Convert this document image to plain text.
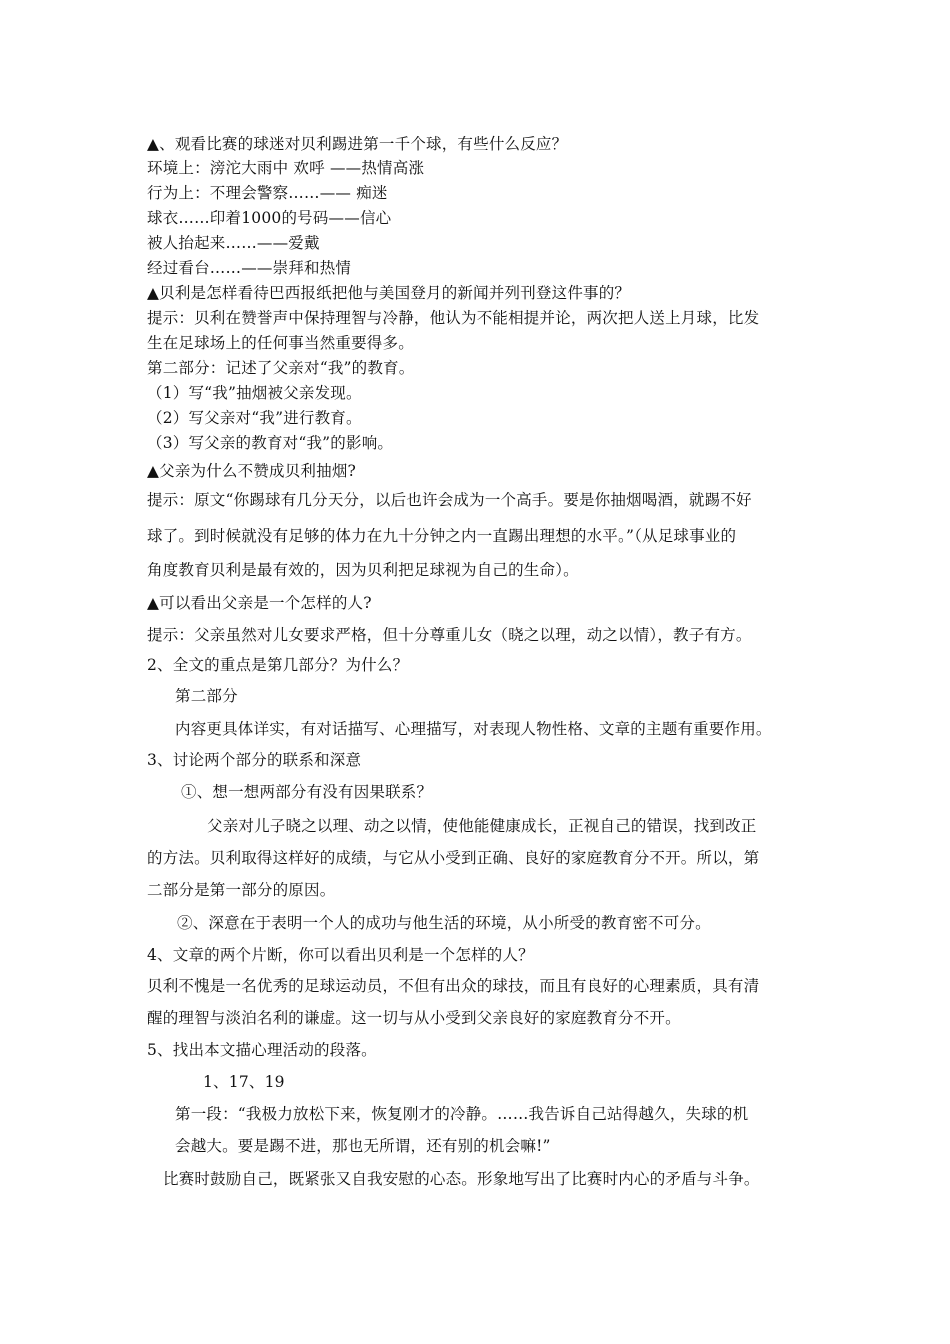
▲、观看比赛的球迷对贝利踢进第一千个球，有些什么反应？
环境上：滂沱大雨中 欢呼 ——热情高涨
行为上：不理会警察……—— 痴迷
球衣……印着1000的号码——信心
被人抬起来……——爱戴
经过看台……——崇拜和热情
▲贝利是怎样看待巴西报纸把他与美国登月的新闻并列刊登这件事的？
提示：贝利在赞誉声中保持理智与冷静，他认为不能相提并论，两次把人送上月球，比发
生在足球场上的任何事当然重要得多。
第二部分：记述了父亲对“我”的教育。
（1）写“我”抽烟被父亲发现。
（2）写父亲对“我”进行教育。
（3）写父亲的教育对“我”的影响。
▲父亲为什么不赞成贝利抽烟?
提示：原文“你踢球有几分天分，以后也许会成为一个高手。要是你抽烟喝酒，就踢不好
球了。到时候就没有足够的体力在九十分钟之内一直踢出理想的水平。”（从足球事业的
角度教育贝利是最有效的，因为贝利把足球视为自己的生命）。
▲可以看出父亲是一个怎样的人?
提示：父亲虽然对儿女要求严格，但十分尊重儿女（晓之以理，动之以情），教子有方。
2、全文的重点是第几部分？为什么？
第二部分
内容更具体详实，有对话描写、心理描写，对表现人物性格、文章的主题有重要作用。
3、讨论两个部分的联系和深意
①、想一想两部分有没有因果联系？
父亲对儿子晓之以理、动之以情，使他能健康成长，正视自己的错误，找到改正
的方法。贝利取得这样好的成绩，与它从小受到正确、良好的家庭教育分不开。所以，第
二部分是第一部分的原因。
②、深意在于表明一个人的成功与他生活的环境，从小所受的教育密不可分。
4、文章的两个片断，你可以看出贝利是一个怎样的人？
贝利不愧是一名优秀的足球运动员，不但有出众的球技，而且有良好的心理素质，具有清
醒的理智与淡泊名利的谦虚。这一切与从小受到父亲良好的家庭教育分不开。
5、找出本文描心理活动的段落。
1、17、19
第一段：“我极力放松下来，恢复刚才的冷静。……我告诉自己站得越久，失球的机
会越大。要是踢不进，那也无所谓，还有别的机会嘛!”
比赛时鼓励自己，既紧张又自我安慰的心态。形象地写出了比赛时内心的矛盾与斗争。
